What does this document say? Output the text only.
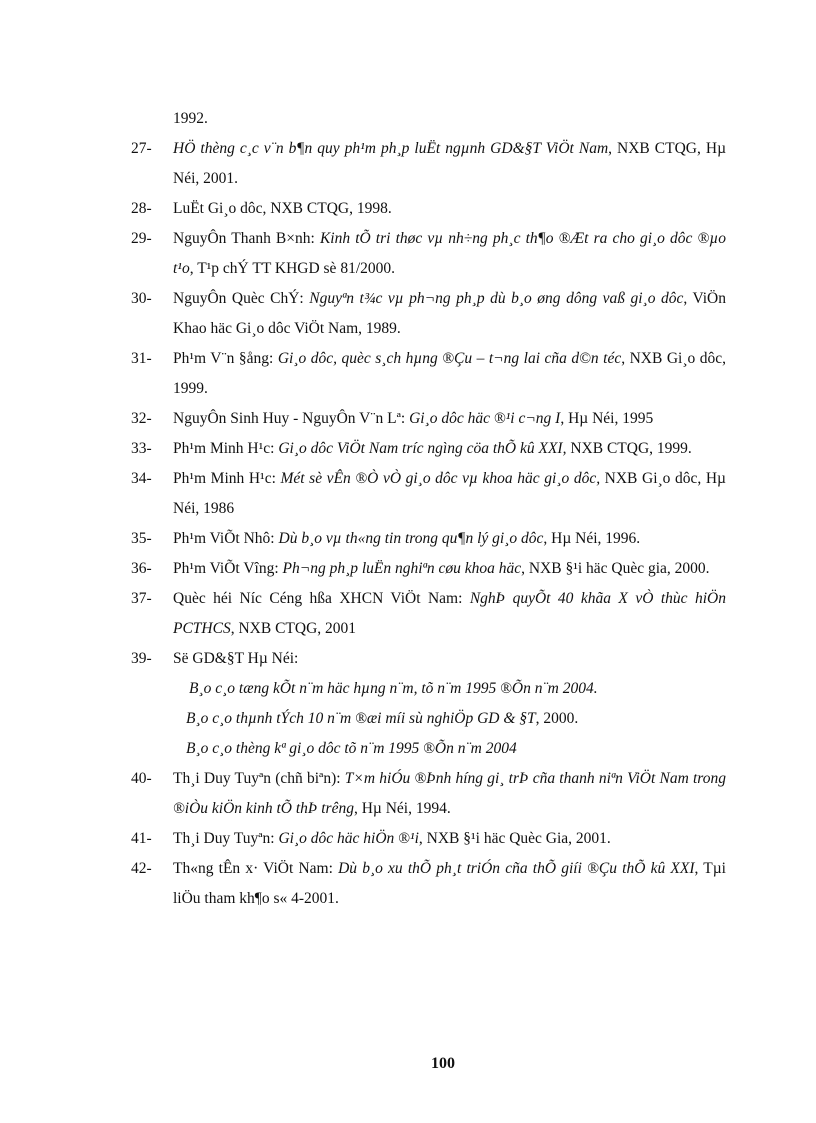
1992.
27-	HÖ thèng c¸c v¨n b¶n quy ph¹m ph¸p luËt ngµnh GD&§T ViÖt Nam, NXB CTQG, Hµ Néi, 2001.
28-	LuËt Gi¸o dôc, NXB CTQG, 1998.
29-	NguyÔn Thanh B×nh: Kinh tÕ tri thøc vµ nh÷ng ph¸c th¶o ®Æt ra cho gi¸o dôc ®µo t¹o, T¹p chÝ TT KHGD sè 81/2000.
30-	NguyÔn Quèc ChÝ: Nguyªn t¾c vµ ph¬ng ph¸p dù b¸o øng dông vaß gi¸o dôc, ViÖn Khao häc Gi¸o dôc ViÖt Nam, 1989.
31-	Ph¹m V¨n §ång: Gi¸o dôc, quèc s¸ch hµng ®Çu – t¬ng lai cña d©n téc, NXB Gi¸o dôc, 1999.
32-	NguyÔn Sinh Huy - NguyÔn V¨n Lª: Gi¸o dôc häc ®¹i c¬ng I, Hµ Néi, 1995
33-	Ph¹m Minh H¹c: Gi¸o dôc ViÖt Nam tríc ngìng cöa thÕ kû XXI, NXB CTQG, 1999.
34-	Ph¹m Minh H¹c: Mét sè vÊn ®Ò vÒ gi¸o dôc vµ khoa häc gi¸o dôc, NXB Gi¸o dôc, Hµ Néi, 1986
35-	Ph¹m ViÕt Nhô: Dù b¸o vµ th«ng tin trong qu¶n lý gi¸o dôc, Hµ Néi, 1996.
36-	Ph¹m ViÕt Vîng: Ph¬ng ph¸p luËn nghiªn cøu khoa häc, NXB §¹i häc Quèc gia, 2000.
37-	Quèc héi Níc Céng hßa XHCN ViÖt Nam: NghÞ quyÕt 40 khãa X vÒ thùc hiÖn PCTHCS, NXB CTQG, 2001
39-	Së GD&§T Hµ Néi:
B¸o c¸o tæng kÕt n¨m häc hµng n¨m, tõ n¨m 1995 ®Õn n¨m 2004.
B¸o c¸o thµnh tÝch 10 n¨m ®æi míi sù nghiÖp GD & §T, 2000.
B¸o c¸o thèng kª gi¸o dôc tõ n¨m 1995 ®Õn n¨m 2004
40-	Th¸i Duy Tuyªn (chñ biªn): T×m hiÓu ®Þnh híng gi¸ trÞ cña thanh niªn ViÖt Nam trong ®iÒu kiÖn kinh tÕ thÞ trêng, Hµ Néi, 1994.
41-	Th¸i Duy Tuyªn: Gi¸o dôc häc hiÖn ®¹i, NXB §¹i häc Quèc Gia, 2001.
42-	Th«ng tÊn x· ViÖt Nam: Dù b¸o xu thÕ ph¸t triÓn cña thÕ giíi ®Çu thÕ kû XXI, Tµi liÖu tham kh¶o s« 4-2001.
100
